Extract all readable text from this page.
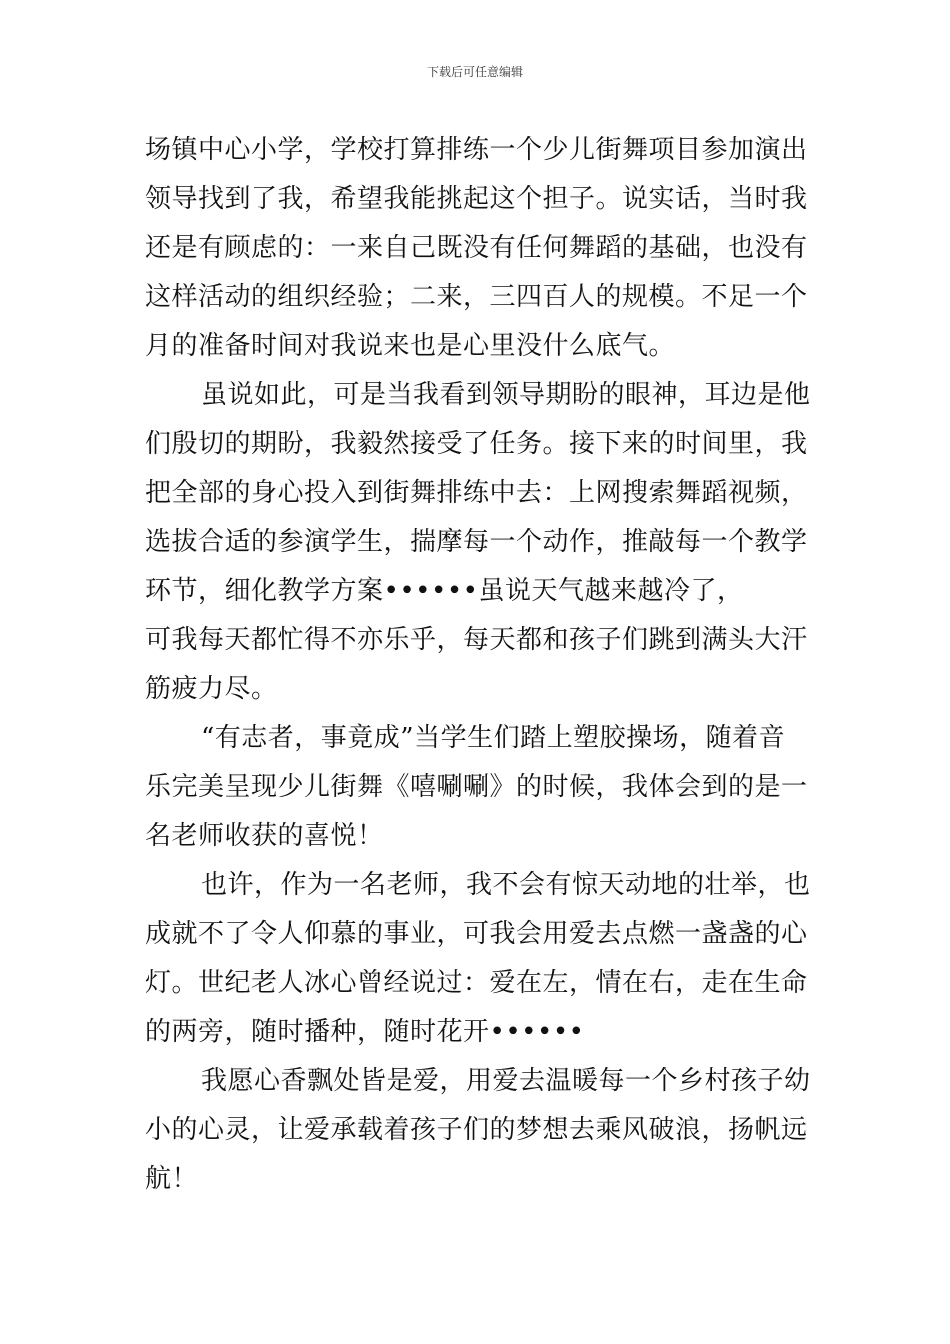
下载后可任意编辑
场镇中心小学，学校打算排练一个少儿街舞项目参加演出
领导找到了我，希望我能挑起这个担子。说实话，当时我
还是有顾虑的：一来自己既没有任何舞蹈的基础，也没有
这样活动的组织经验；二来，三四百人的规模。不足一个
月的准备时间对我说来也是心里没什么底气。
虽说如此，可是当我看到领导期盼的眼神，耳边是他
们殷切的期盼，我毅然接受了任务。接下来的时间里，我
把全部的身心投入到街舞排练中去：上网搜索舞蹈视频，
选拔合适的参演学生，揣摩每一个动作，推敲每一个教学
环节，细化教学方案••••••虽说天气越来越冷了，
可我每天都忙得不亦乐乎，每天都和孩子们跳到满头大汗
筋疲力尽。
“有志者，事竟成”当学生们踏上塑胶操场，随着音
乐完美呈现少儿街舞《嘻唰唰》的时候，我体会到的是一
名老师收获的喜悦！
也许，作为一名老师，我不会有惊天动地的壮举，也
成就不了令人仰慕的事业，可我会用爱去点燃一盏盏的心
灯。世纪老人冰心曾经说过：爱在左，情在右，走在生命
的两旁，随时播种，随时花开••••••
我愿心香飘处皆是爱，用爱去温暖每一个乡村孩子幼
小的心灵，让爱承载着孩子们的梦想去乘风破浪，扬帆远
航！
